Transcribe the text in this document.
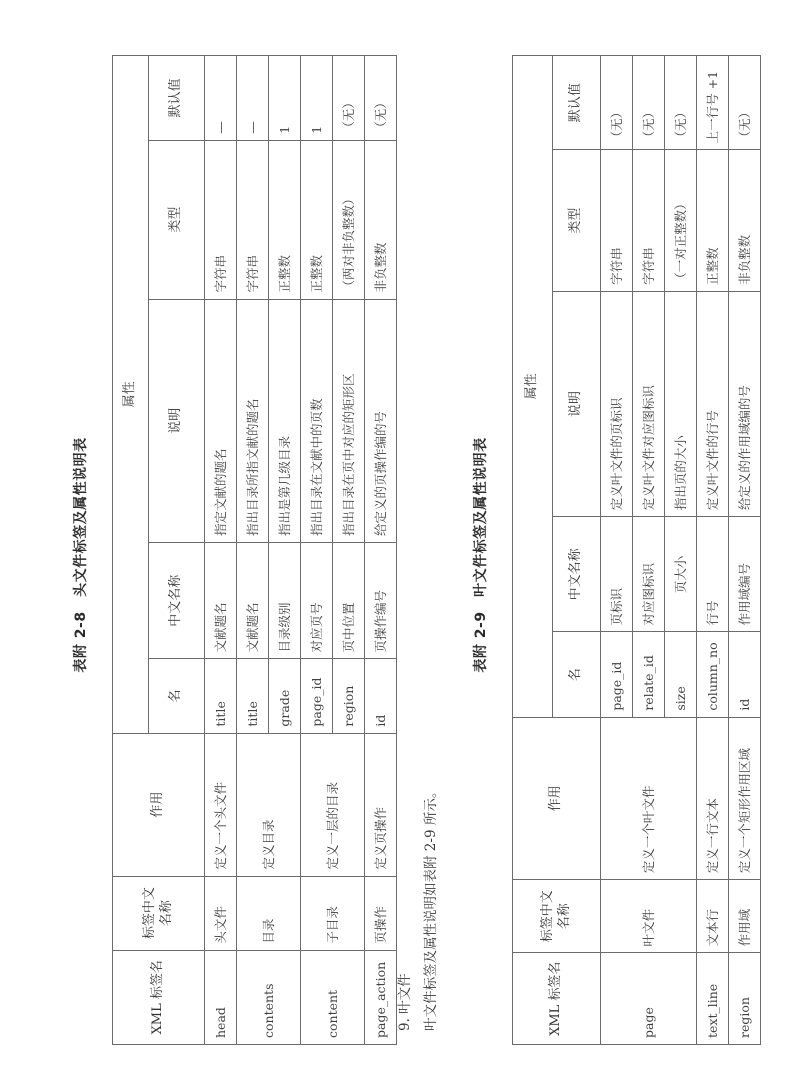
表附 2-8　头文件标签及属性说明表
XML 标签名	标签中文名称	作用	属性				
			名	中文名称	说明	类型	默认值
head	头文件	定义一个头文件	title	文献题名	指定文献的题名	字符串	—
contents	目录	定义目录	title	文献题名	指出目录所指文献的题名	字符串	—
			grade	目录级别	指出是第几级目录	正整数	1
content	子目录	定义一层的目录	page_id	对应页号	指出目录在文献中的页数	正整数	1
			region	页中位置	指出目录在页中对应的矩形区	（两对非负整数）	（无）
page_action	页操作	定义页操作	id	页操作编号	给定义的页操作编的号	非负整数	（无）
9. 叶文件 叶文件标签及属性说明如表附 2-9 所示。
表附 2-9　叶文件标签及属性说明表
XML 标签名	标签中文名称	作用	属性				
			名	中文名称	说明	类型	默认值
page	叶文件	定义一个叶文件	page_id	页标识	定义叶文件的页标识	字符串	（无）
			relate_id	对应图标识	定义叶文件对应图标识	字符串	（无）
			size	页大小	指出页的大小	（一对正整数）	（无）
text_line	文本行	定义一行文本	column_no	行号	定义叶文件的行号	正整数	上一行号 +1
region	作用域	定义一个矩形作用区域	id	作用域编号	给定义的作用域编的号	非负整数	（无）
